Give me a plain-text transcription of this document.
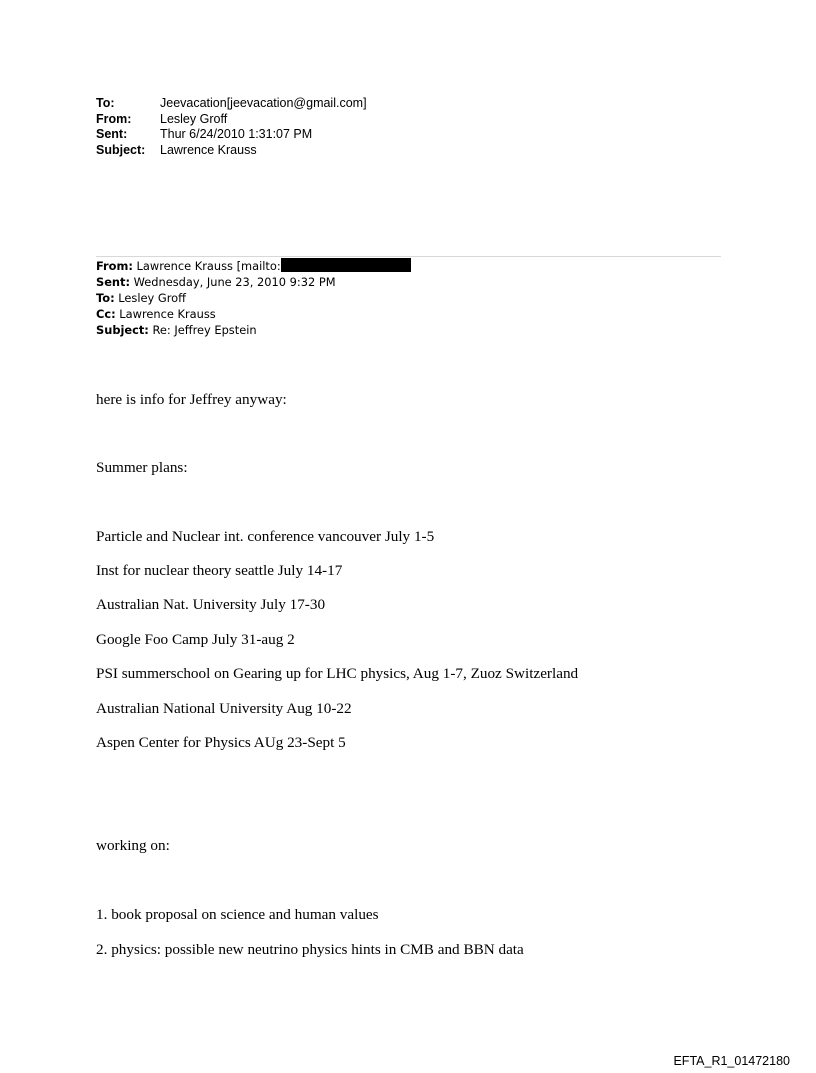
To:	Jeevacation[jeevacation@gmail.com]
From:	Lesley Groff
Sent:	Thur 6/24/2010 1:31:07 PM
Subject:	Lawrence Krauss
From: Lawrence Krauss [mailto:
Sent: Wednesday, June 23, 2010 9:32 PM
To: Lesley Groff
Cc: Lawrence Krauss
Subject: Re: Jeffrey Epstein
here is info for Jeffrey anyway:
Summer plans:
Particle and Nuclear int. conference vancouver July 1-5
Inst for nuclear theory seattle July 14-17
Australian Nat. University July 17-30
Google Foo Camp July 31-aug 2
PSI summerschool on Gearing up for LHC physics, Aug 1-7, Zuoz Switzerland
Australian National University Aug 10-22
Aspen Center for Physics AUg 23-Sept 5
working on:
1. book proposal on science and human values
2. physics: possible new neutrino physics hints in CMB and BBN data
EFTA_R1_01472180
